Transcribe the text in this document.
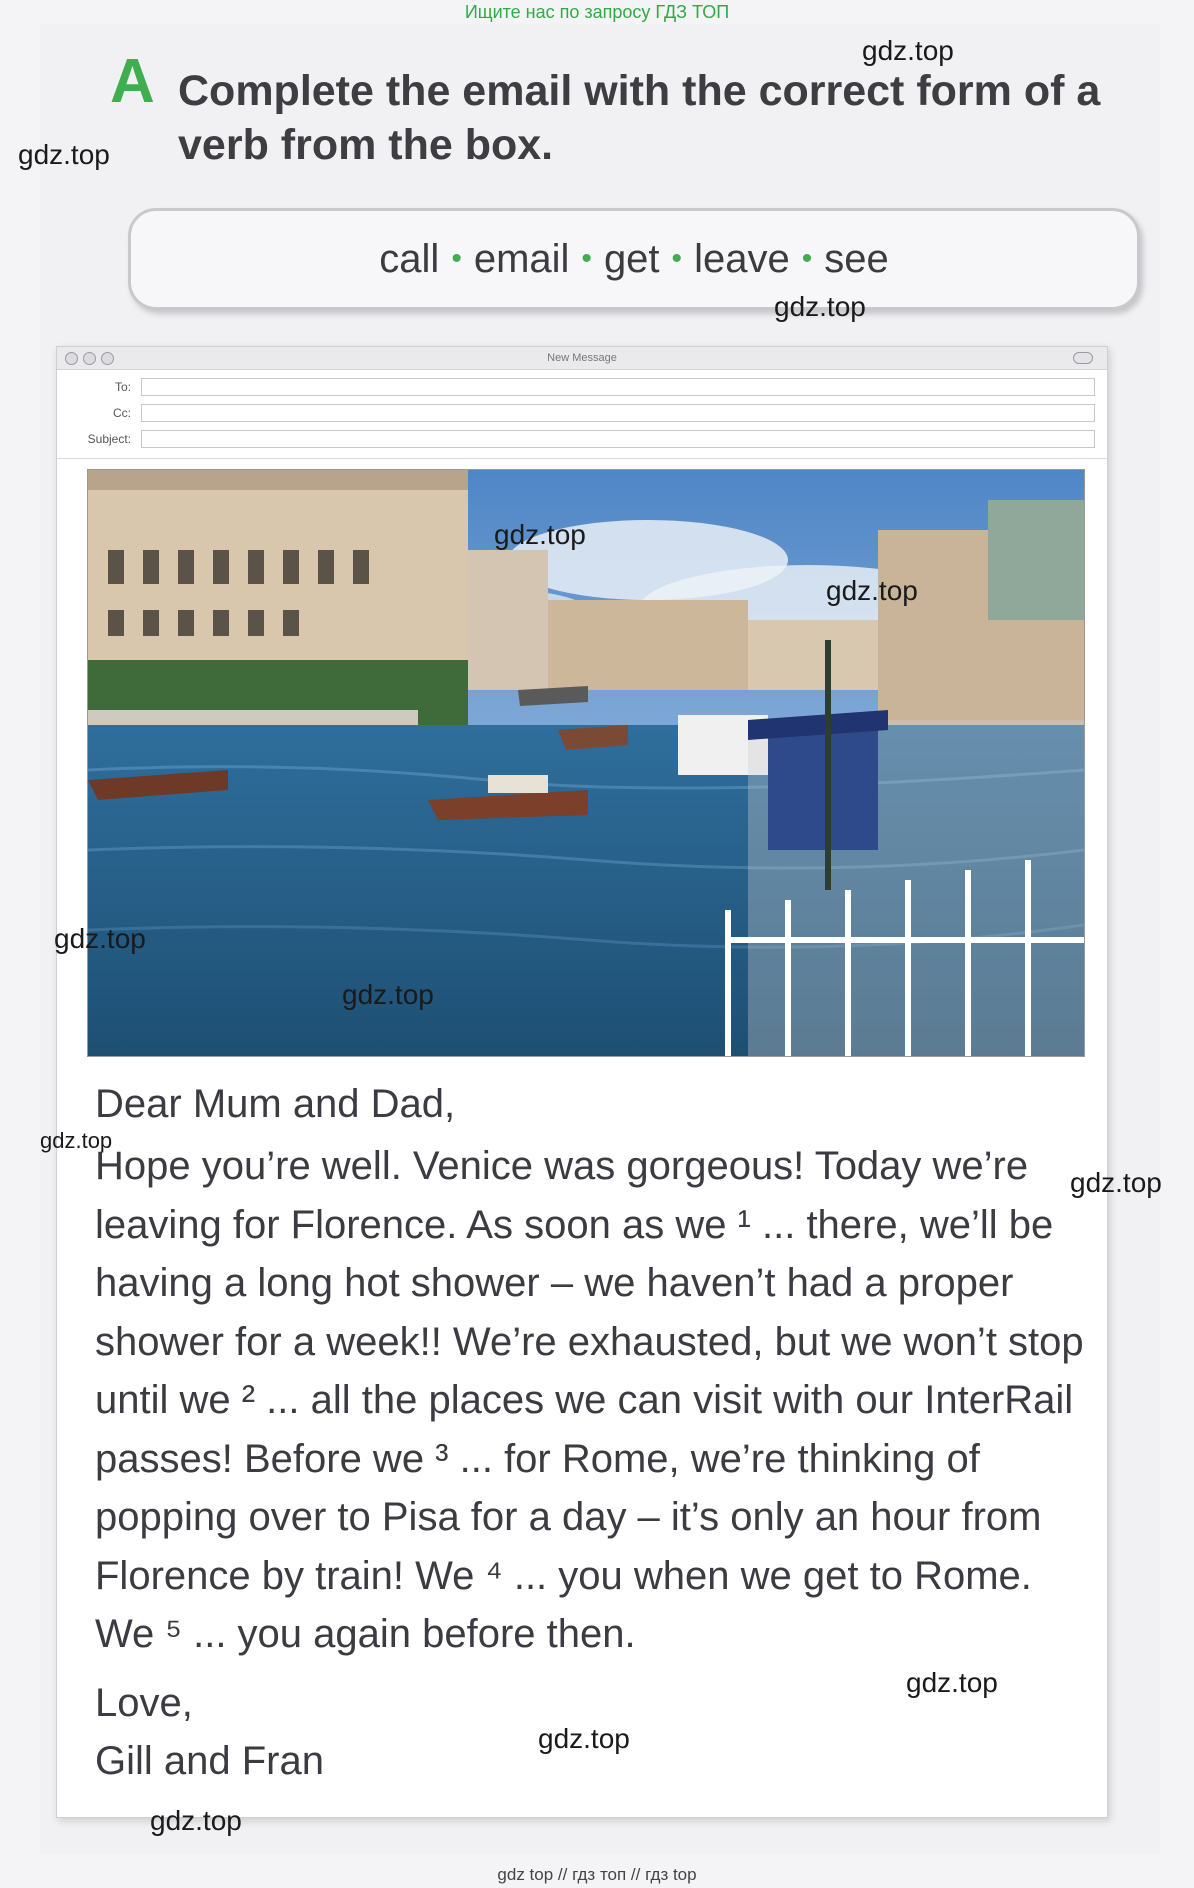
Ищите нас по запросу ГДЗ ТОП
A Complete the email with the correct form of a verb from the box.
call • email • get • leave • see
New Message
To:
Cc:
Subject:

Dear Mum and Dad,

Hope you’re well. Venice was gorgeous! Today we’re leaving for Florence. As soon as we ¹ ... there, we’ll be having a long hot shower – we haven’t had a proper shower for a week!! We’re exhausted, but we won’t stop until we ² ... all the places we can visit with our InterRail passes! Before we ³ ... for Rome, we’re thinking of popping over to Pisa for a day – it’s only an hour from Florence by train! We ⁴ ... you when we get to Rome. We ⁵ ... you again before then.

Love,

Gill and Fran

gdz.top
gdz.top
gdz.top
gdz.top
gdz.top
gdz.top
gdz.top
gdz.top
gdz.top
gdz.top
gdz.top
gdz.top
gdz top // гдз топ // гдз top
